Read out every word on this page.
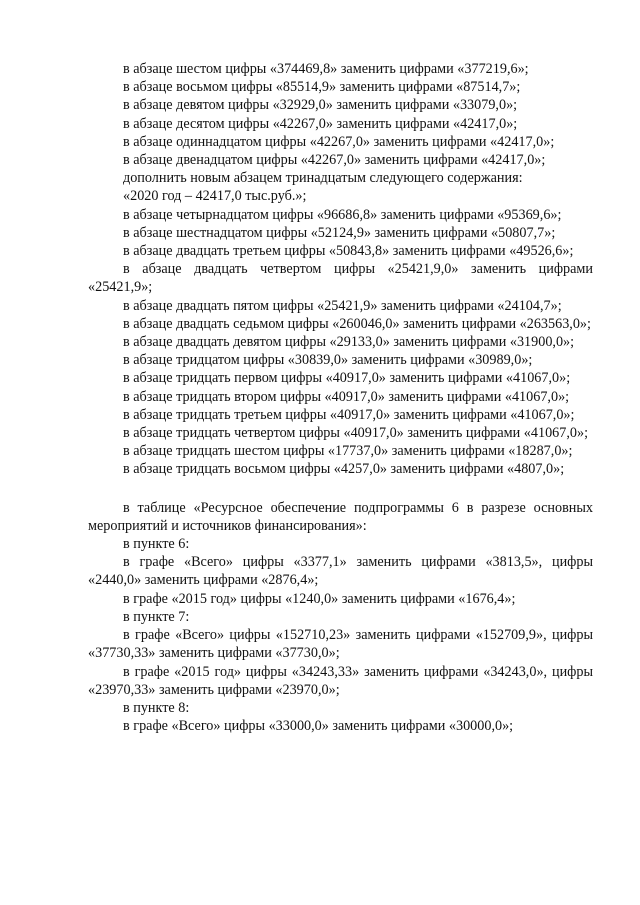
в абзаце шестом цифры «374469,8» заменить цифрами «377219,6»;

в абзаце восьмом цифры «85514,9» заменить цифрами «87514,7»;

в абзаце девятом цифры «32929,0» заменить цифрами «33079,0»;

в абзаце десятом цифры «42267,0» заменить цифрами «42417,0»;

в абзаце одиннадцатом цифры «42267,0» заменить цифрами «42417,0»;

в абзаце двенадцатом цифры «42267,0» заменить цифрами «42417,0»;

дополнить новым абзацем тринадцатым следующего содержания:

«2020 год – 42417,0 тыс.руб.»;

в абзаце четырнадцатом цифры «96686,8» заменить цифрами «95369,6»;

в абзаце шестнадцатом цифры «52124,9» заменить цифрами «50807,7»;

в абзаце двадцать третьем цифры «50843,8» заменить цифрами «49526,6»;

в абзаце двадцать четвертом цифры «25421,9,0» заменить цифрами «25421,9»;

в абзаце двадцать пятом цифры «25421,9» заменить цифрами «24104,7»;

в абзаце двадцать седьмом цифры «260046,0» заменить цифрами «263563,0»;

в абзаце двадцать девятом цифры «29133,0» заменить цифрами «31900,0»;

в абзаце тридцатом цифры «30839,0» заменить цифрами «30989,0»;

в абзаце тридцать первом цифры «40917,0» заменить цифрами «41067,0»;

в абзаце тридцать втором цифры «40917,0» заменить цифрами «41067,0»;

в абзаце тридцать третьем цифры «40917,0» заменить цифрами «41067,0»;

в абзаце тридцать четвертом цифры «40917,0» заменить цифрами «41067,0»;

в абзаце тридцать шестом цифры «17737,0» заменить цифрами «18287,0»;

в абзаце тридцать восьмом цифры «4257,0» заменить цифрами «4807,0»;

в таблице «Ресурсное обеспечение подпрограммы 6 в разрезе основных мероприятий и источников финансирования»:

в пункте 6:

в графе «Всего» цифры «3377,1» заменить цифрами «3813,5», цифры «2440,0» заменить цифрами «2876,4»;

в графе «2015 год» цифры «1240,0» заменить цифрами «1676,4»;

в пункте 7:

в графе «Всего» цифры «152710,23» заменить цифрами «152709,9», цифры «37730,33» заменить цифрами «37730,0»;

в графе «2015 год» цифры «34243,33» заменить цифрами «34243,0», цифры «23970,33» заменить цифрами «23970,0»;

в пункте 8:

в графе «Всего» цифры «33000,0» заменить цифрами «30000,0»;
